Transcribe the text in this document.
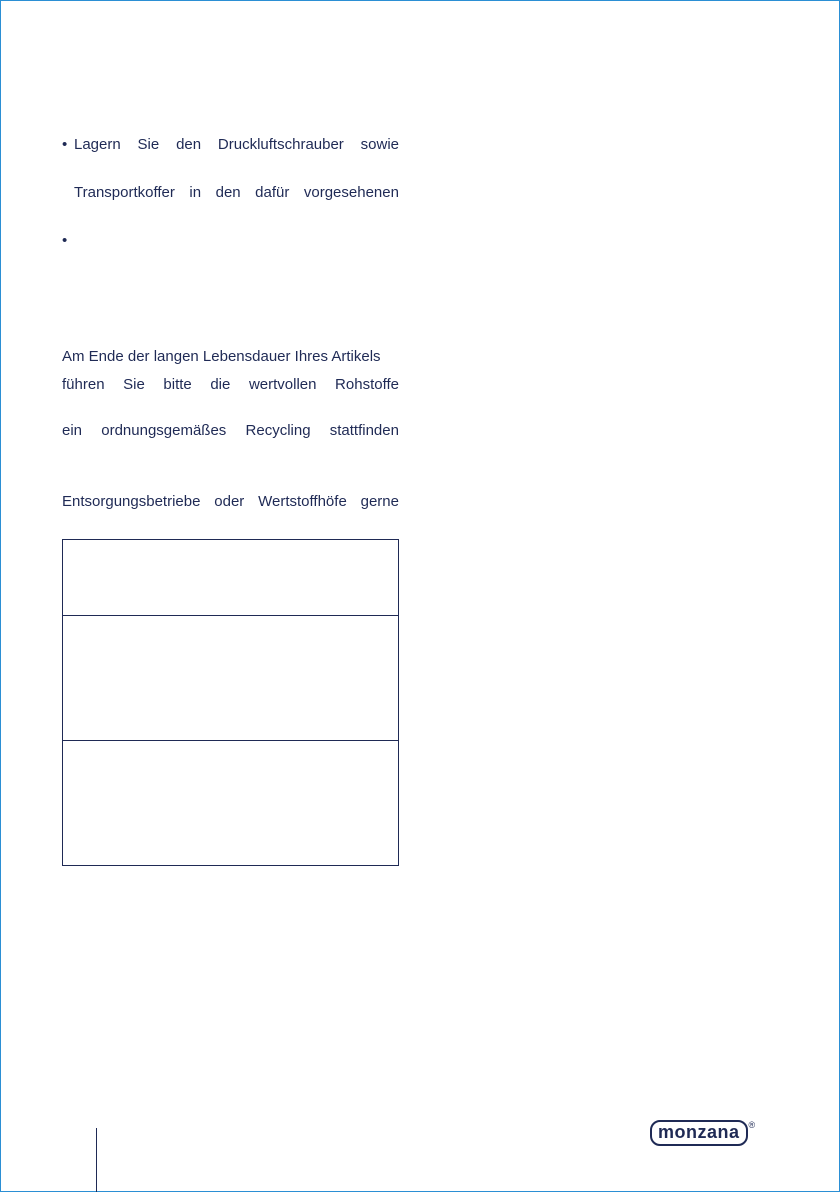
• Lagern Sie den Druckluftschrauber sowie
Transportkoffer in den dafür vorgesehenen
•
Am Ende der langen Lebensdauer Ihres Artikels
führen Sie bitte die wertvollen Rohstoffe
ein ordnungsgemäßes Recycling stattfinden
Entsorgungsbetriebe oder Wertstoffhöfe gerne
monzana	®
